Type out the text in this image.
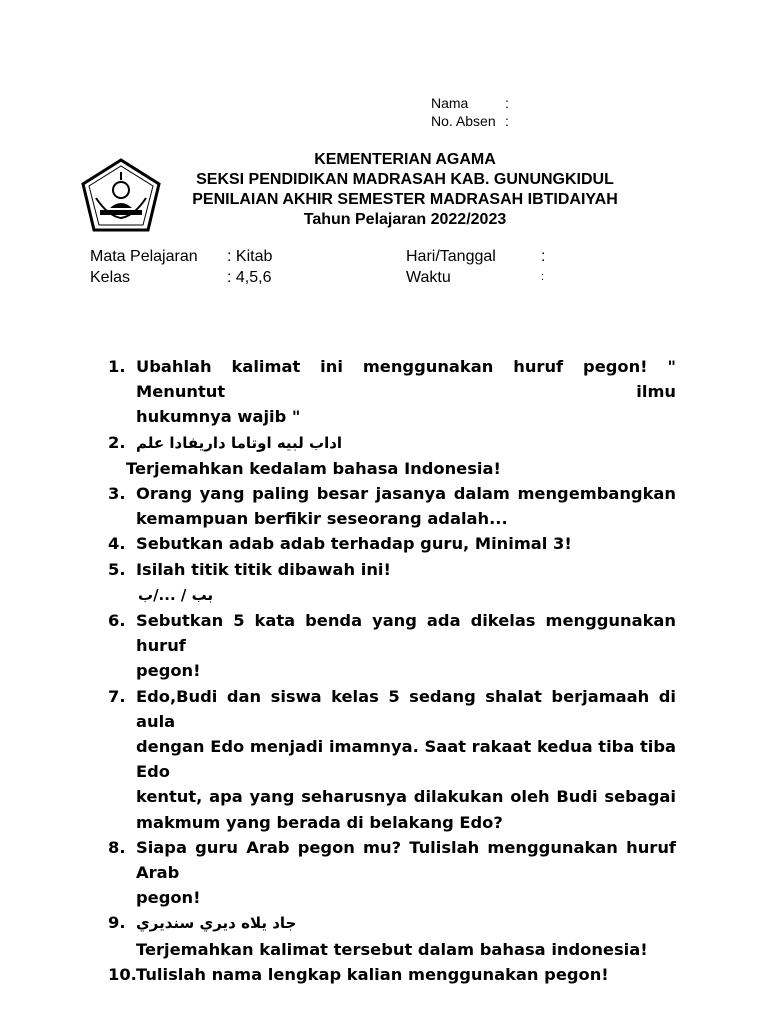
Nama	:
No. Absen :
KEMENTERIAN AGAMA
SEKSI PENDIDIKAN MADRASAH KAB. GUNUNGKIDUL
PENILAIAN AKHIR SEMESTER MADRASAH IBTIDAIYAH
Tahun Pelajaran 2022/2023
Mata Pelajaran	: Kitab
Kelas	: 4,5,6
Hari/Tanggal	:
Waktu	:
1. Ubahlah kalimat ini menggunakan huruf pegon! " Menuntut ilmu
hukumnya wajib "
2. اداب لبيه اوتاما داريفادا علم
Terjemahkan kedalam bahasa Indonesia!
3. Orang yang paling besar jasanya dalam mengembangkan
kemampuan berfikir seseorang adalah...
4. Sebutkan adab adab terhadap guru, Minimal 3!
5. Isilah titik titik dibawah ini!
بب / ...‏/ب
6. Sebutkan 5 kata benda yang ada dikelas menggunakan huruf
pegon!
7. Edo,Budi dan siswa kelas 5 sedang shalat berjamaah di aula
dengan Edo menjadi imamnya. Saat rakaat kedua tiba tiba Edo
kentut, apa yang seharusnya dilakukan oleh Budi sebagai
makmum yang berada di belakang Edo?
8. Siapa guru Arab pegon mu? Tulislah menggunakan huruf Arab
pegon!
9. جاد يلاه ديري سنديري
Terjemahkan kalimat tersebut dalam bahasa indonesia!
10. Tulislah nama lengkap kalian menggunakan pegon!
